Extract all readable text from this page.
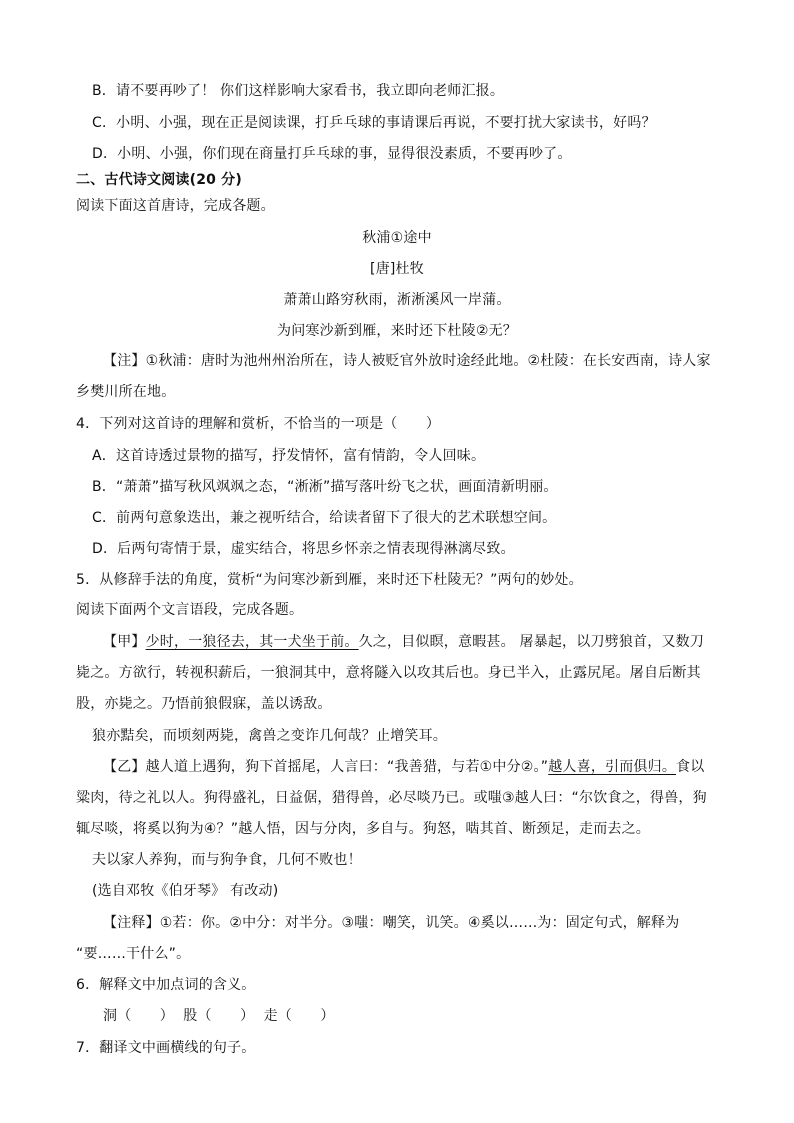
B．请不要再吵了！ 你们这样影响大家看书，我立即向老师汇报。
C．小明、小强，现在正是阅读课，打乒乓球的事请课后再说，不要打扰大家读书，好吗？
D．小明、小强，你们现在商量打乒乓球的事，显得很没素质，不要再吵了。
二、古代诗文阅读(20 分)
阅读下面这首唐诗，完成各题。
秋浦①途中
[唐]杜牧
萧萧山路穷秋雨，淅淅溪风一岸蒲。
为问寒沙新到雁，来时还下杜陵②无？
【注】①秋浦：唐时为池州州治所在，诗人被贬官外放时途经此地。②杜陵：在长安西南，诗人家
乡樊川所在地。
4．下列对这首诗的理解和赏析，不恰当的一项是（　　）
A．这首诗透过景物的描写，抒发情怀，富有情韵，令人回味。
B．“萧萧”描写秋风飒飒之态，“淅淅”描写落叶纷飞之状，画面清新明丽。
C．前两句意象迭出，兼之视听结合，给读者留下了很大的艺术联想空间。
D．后两句寄情于景，虚实结合，将思乡怀亲之情表现得淋漓尽致。
5．从修辞手法的角度，赏析“为问寒沙新到雁，来时还下杜陵无？”两句的妙处。
阅读下面两个文言语段，完成各题。
【甲】少时，一狼径去，其一犬坐于前。久之，目似瞑，意暇甚。 屠暴起，以刀劈狼首，又数刀
毙之。方欲行，转视积薪后，一狼洞其中，意将隧入以攻其后也。身已半入，止露尻尾。屠自后断其
股，亦毙之。乃悟前狼假寐，盖以诱敌。
狼亦黠矣，而顷刻两毙，禽兽之变诈几何哉？止增笑耳。
【乙】越人道上遇狗，狗下首摇尾，人言曰：“我善猎，与若①中分②。”越人喜，引而俱归。食以
粱肉，待之礼以人。狗得盛礼，日益倨，猎得兽，必尽啖乃已。或嗤③越人曰：“尔饮食之，得兽，狗
辄尽啖，将奚以狗为④？”越人悟，因与分肉，多自与。狗怒，啮其首、断颈足，走而去之。
夫以家人养狗，而与狗争食，几何不败也！
(选自邓牧《伯牙琴》 有改动)
【注释】①若：你。②中分：对半分。③嗤：嘲笑，讥笑。④奚以……为：固定句式，解释为
“要……干什么”。
6．解释文中加点词的含义。
洞（　　）  股（　　）  走（　　）
7．翻译文中画横线的句子。
